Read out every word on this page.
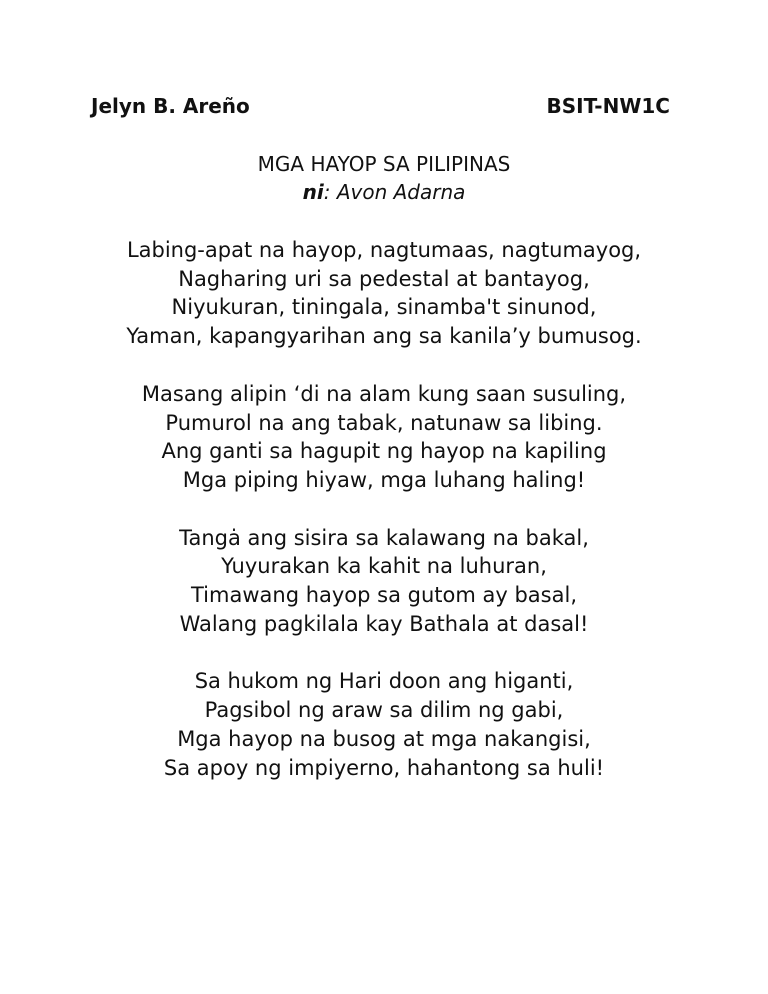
Jelyn B. Areño	BSIT-NW1C
MGA HAYOP SA PILIPINAS
ni: Avon Adarna
Labing-apat na hayop, nagtumaas, nagtumayog,
Nagharing uri sa pedestal at bantayog,
Niyukuran, tiningala, sinamba't sinunod,
Yaman, kapangyarihan ang sa kanila’y bumusog.
Masang alipin ‘di na alam kung saan susuling,
Pumurol na ang tabak, natunaw sa libing.
Ang ganti sa hagupit ng hayop na kapiling
Mga piping hiyaw, mga luhang haling!
Tangȧ ang sisira sa kalawang na bakal,
Yuyurakan ka kahit na luhuran,
Timawang hayop sa gutom ay basal,
Walang pagkilala kay Bathala at dasal!
Sa hukom ng Hari doon ang higanti,
Pagsibol ng araw sa dilim ng gabi,
Mga hayop na busog at mga nakangisi,
Sa apoy ng impiyerno, hahantong sa huli!
